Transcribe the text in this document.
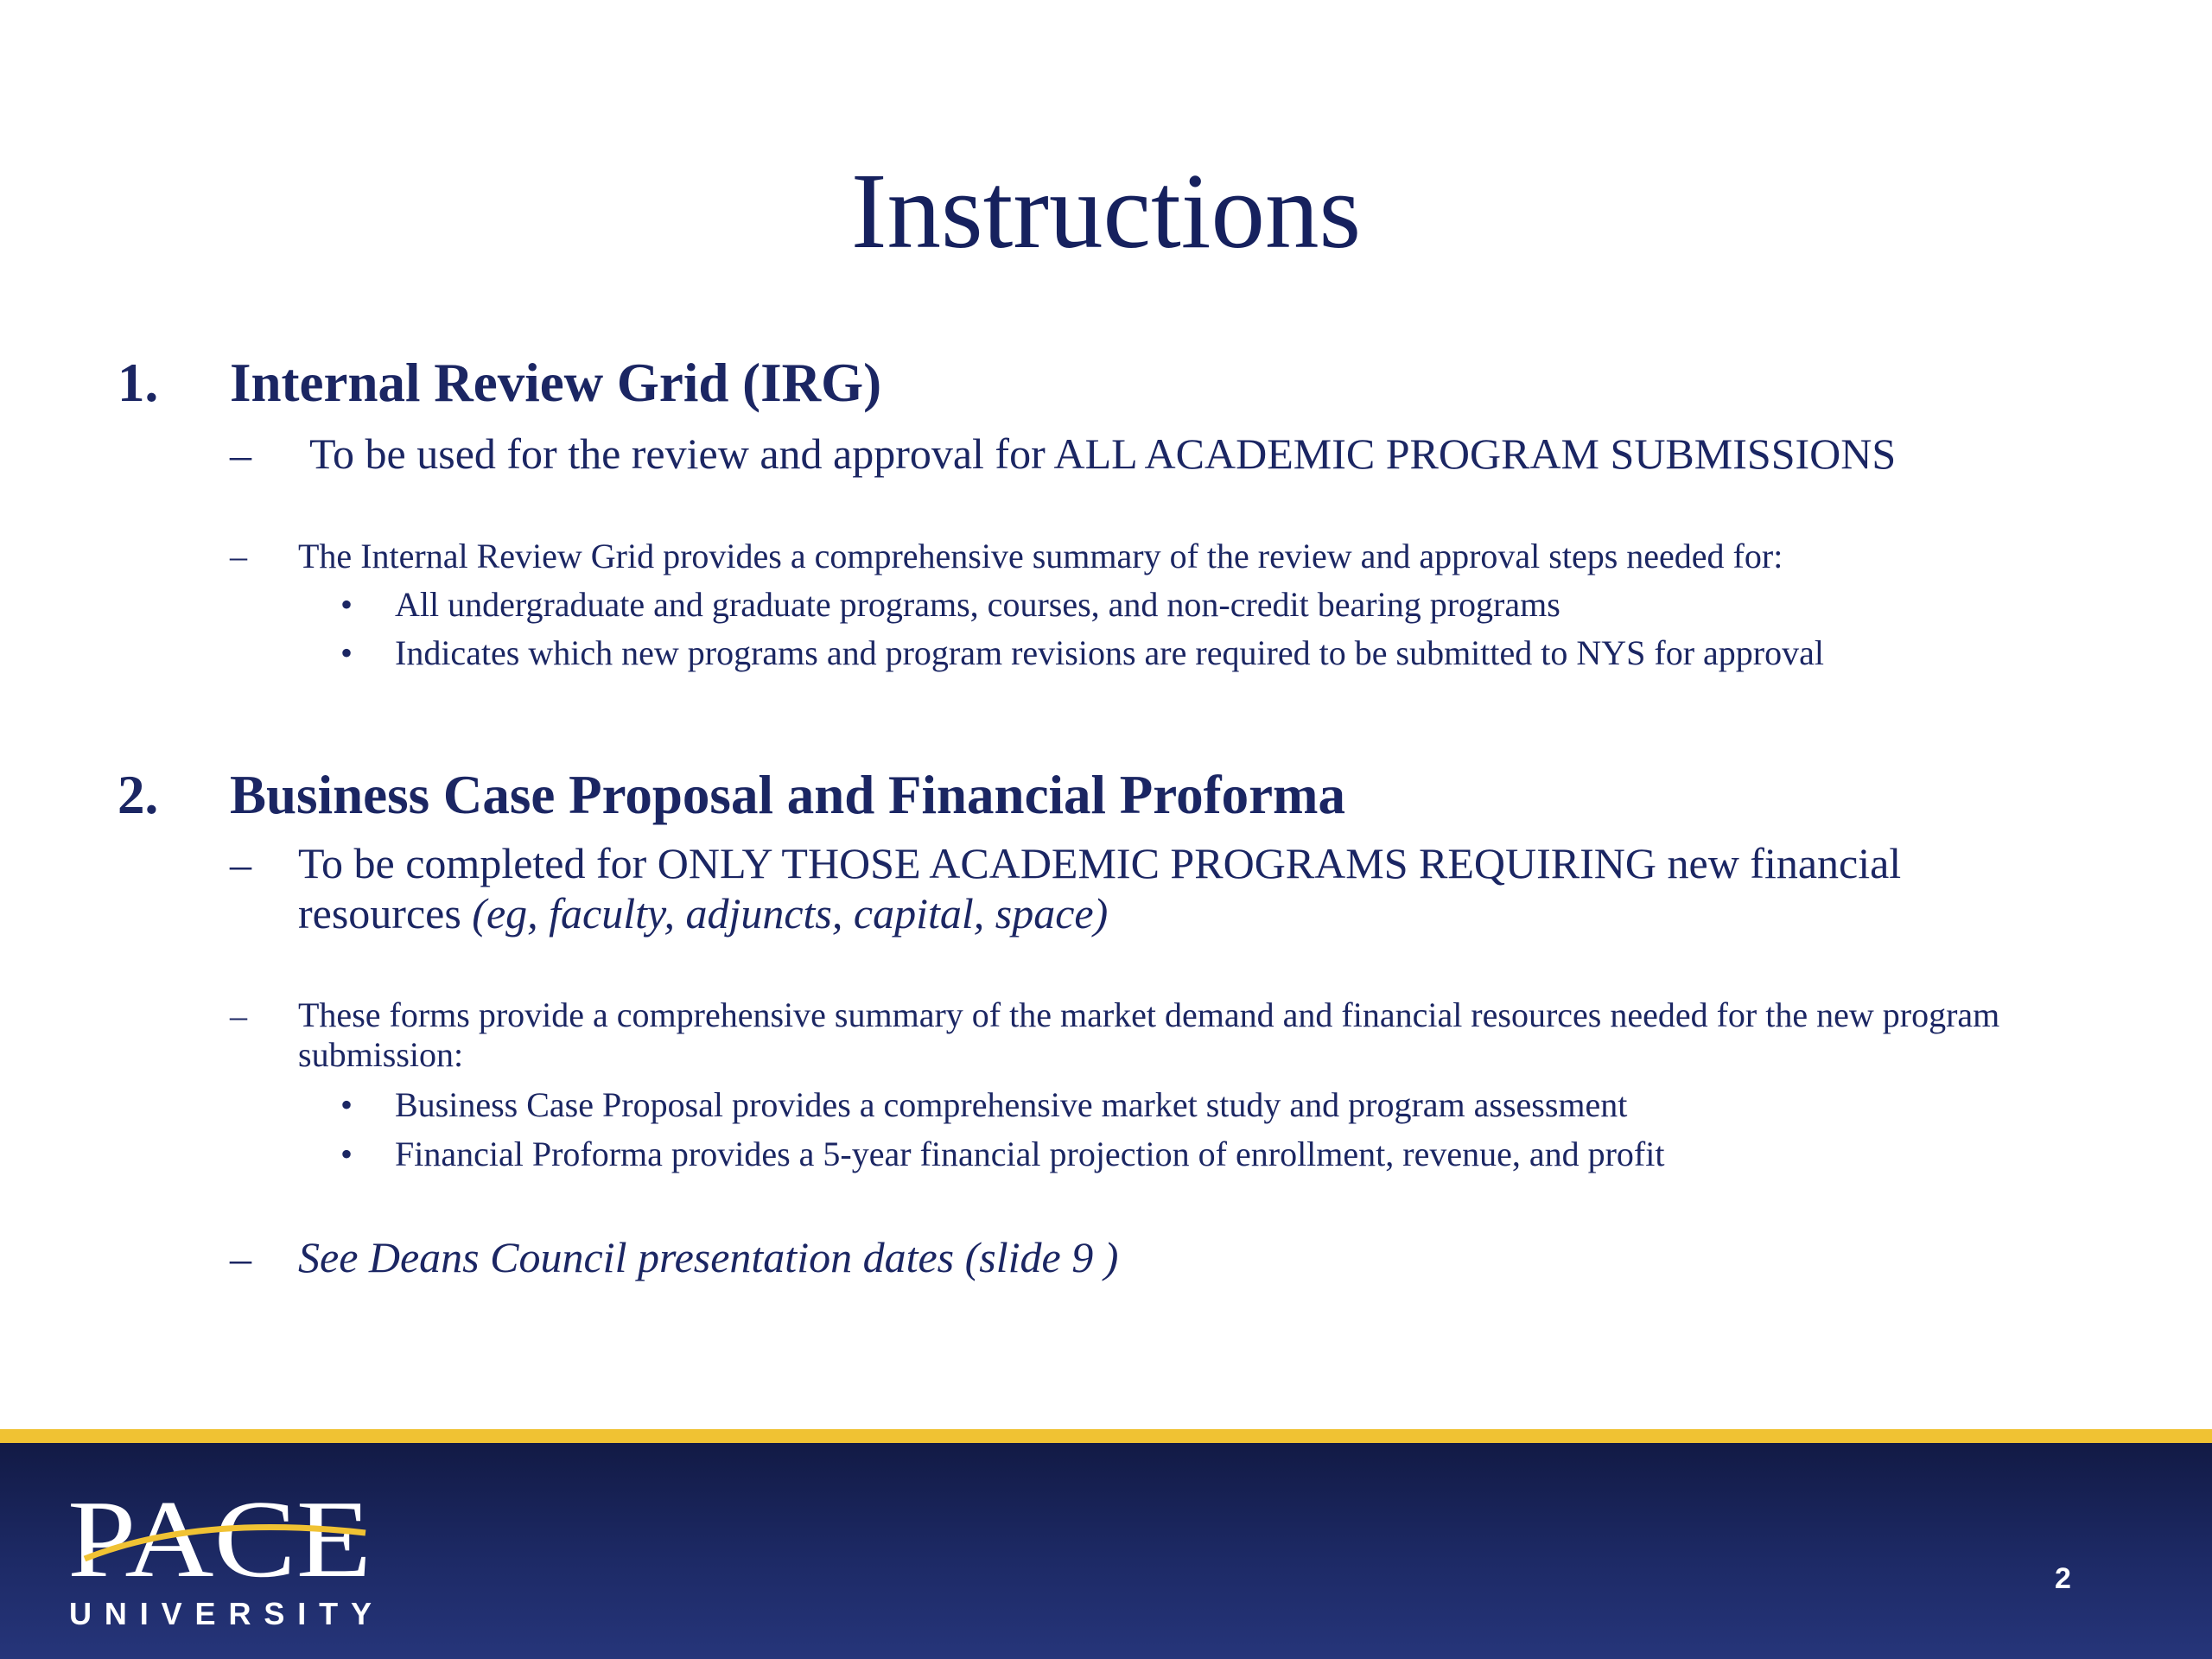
Instructions
1. Internal Review Grid (IRG)
– To be used for the review and approval for ALL ACADEMIC PROGRAM SUBMISSIONS
– The Internal Review Grid provides a comprehensive summary of the review and approval steps needed for:
• All undergraduate and graduate programs, courses, and non-credit bearing programs
• Indicates which new programs and program revisions are required to be submitted to NYS for approval
2. Business Case Proposal and Financial Proforma
– To be completed for ONLY THOSE ACADEMIC PROGRAMS REQUIRING new financial
resources (eg, faculty, adjuncts, capital, space)
– These forms provide a comprehensive summary of the market demand and financial resources needed for the new program submission:
• Business Case Proposal provides a comprehensive market study and program assessment
• Financial Proforma provides a 5-year financial projection of enrollment, revenue, and profit
– See Deans Council presentation dates (slide 9 )
PACE
UNIVERSITY
2
